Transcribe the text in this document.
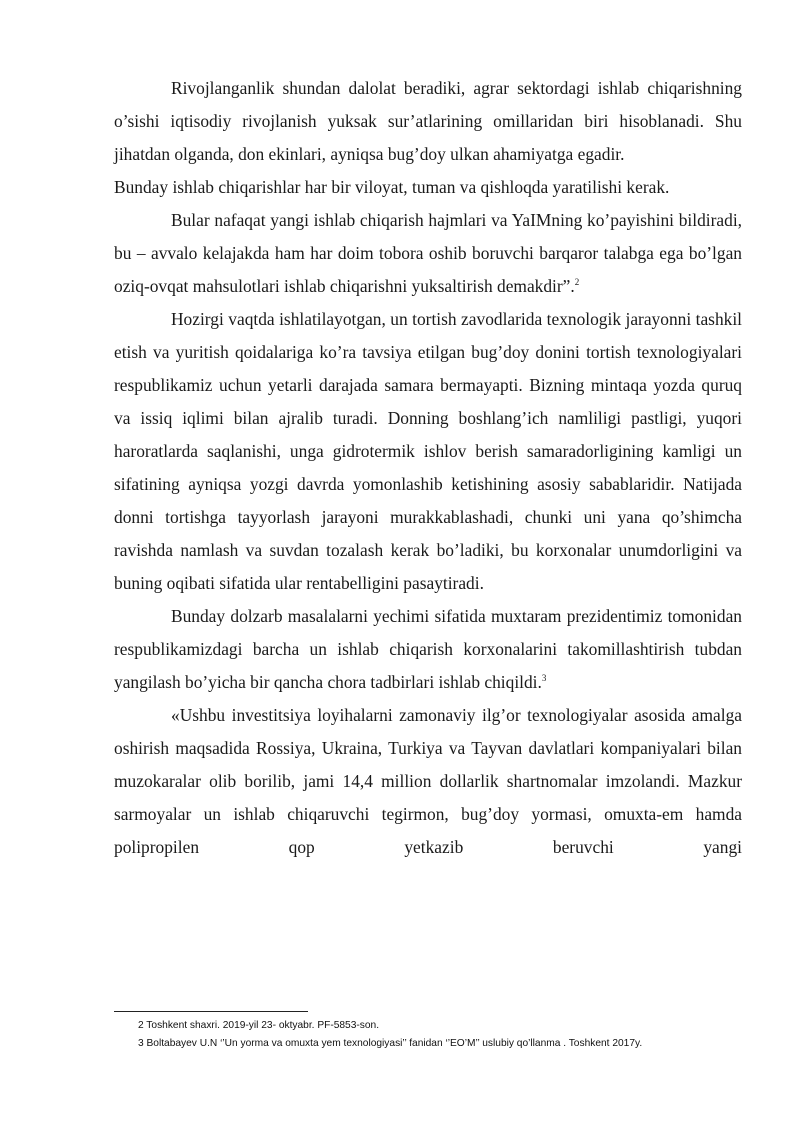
Rivojlanganlik shundan dalolat beradiki, agrar sektordagi ishlab chiqarishning o’sishi iqtisodiy rivojlanish yuksak sur’atlarining omillaridan biri hisoblanadi. Shu jihatdan olganda, don ekinlari, ayniqsa bug’doy ulkan ahamiyatga egadir.

Bunday ishlab chiqarishlar har bir viloyat, tuman va qishloqda yaratilishi kerak.

Bular nafaqat yangi ishlab chiqarish hajmlari va YaIMning ko’payishini bildiradi, bu – avvalo kelajakda ham har doim tobora oshib boruvchi barqaror talabga ega bo’lgan oziq-ovqat mahsulotlari ishlab chiqarishni yuksaltirish demakdir”.$^2$

Hozirgi vaqtda ishlatilayotgan, un tortish zavodlarida texnologik jarayonni tashkil etish va yuritish qoidalariga ko’ra tavsiya etilgan bug’doy donini tortish texnologiyalari respublikamiz uchun yetarli darajada samara bermayapti. Bizning mintaqa yozda quruq va issiq iqlimi bilan ajralib turadi. Donning boshlang’ich namliligi pastligi, yuqori haroratlarda saqlanishi, unga gidrotermik ishlov berish samaradorligining kamligi un sifatining ayniqsa yozgi davrda yomonlashib ketishining asosiy sabablaridir. Natijada donni tortishga tayyorlash jarayoni murakkablashadi, chunki uni yana qo’shimcha ravishda namlash va suvdan tozalash kerak bo’ladiki, bu korxonalar unumdorligini va buning oqibati sifatida ular rentabelligini pasaytiradi.

Bunday dolzarb masalalarni yechimi sifatida muxtaram prezidentimiz tomonidan respublikamizdagi barcha un ishlab chiqarish korxonalarini takomillashtirish tubdan yangilash bo’yicha bir qancha chora tadbirlari ishlab chiqildi.$^3$

«Ushbu investitsiya loyihalarni zamonaviy ilg’or texnologiyalar asosida amalga oshirish maqsadida Rossiya, Ukraina, Turkiya va Tayvan davlatlari kompaniyalari bilan muzokaralar olib borilib, jami 14,4 million dollarlik shartnomalar imzolandi. Mazkur sarmoyalar un ishlab chiqaruvchi tegirmon, bug’doy yormasi, omuxta-em hamda polipropilen qop yetkazib beruvchi yangi

2 Toshkent shaxri. 2019-yil 23- oktyabr. PF-5853-son.
3 Boltabayev U.N ‘’Un yorma va omuxta yem texnologiyasi’’ fanidan ‘’EO’M’’ uslubiy qo’llanma . Toshkent 2017y.
